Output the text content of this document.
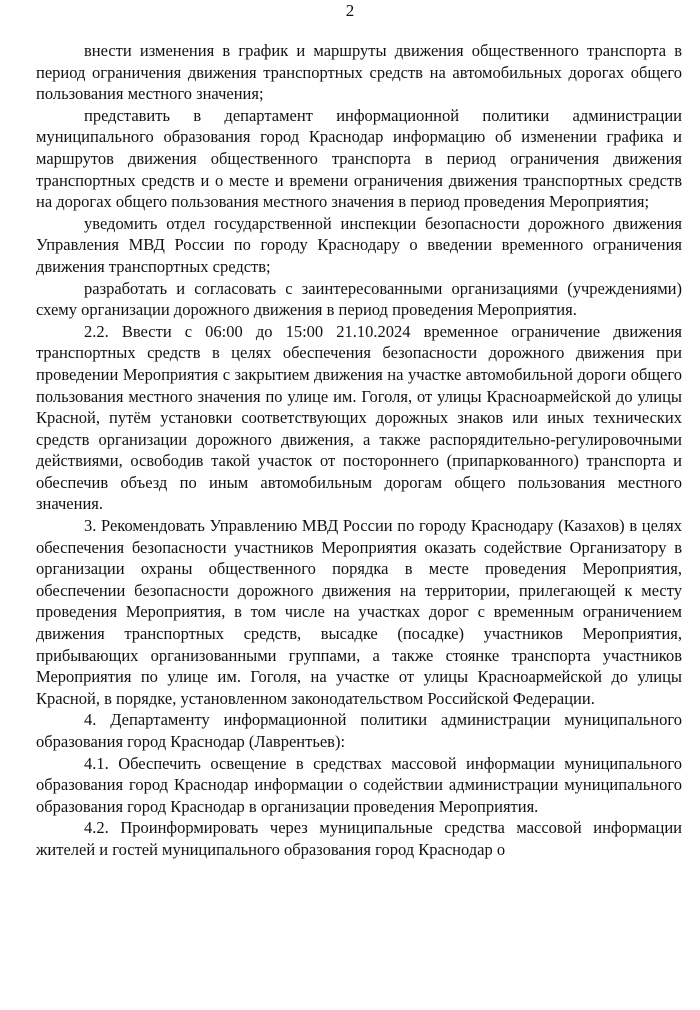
2

внести изменения в график и маршруты движения общественного транспорта в период ограничения движения транспортных средств на автомобильных дорогах общего пользования местного значения;

представить в департамент информационной политики администрации муниципального образования город Краснодар информацию об изменении графика и маршрутов движения общественного транспорта в период ограничения движения транспортных средств и о месте и времени ограничения движения транспортных средств на дорогах общего пользования местного значения в период проведения Мероприятия;

уведомить отдел государственной инспекции безопасности дорожного движения Управления МВД России по городу Краснодару о введении временного ограничения движения транспортных средств;

разработать и согласовать с заинтересованными организациями (учреждениями) схему организации дорожного движения в период проведения Мероприятия.

2.2. Ввести с 06:00 до 15:00 21.10.2024 временное ограничение движения транспортных средств в целях обеспечения безопасности дорожного движения при проведении Мероприятия с закрытием движения на участке автомобильной дороги общего пользования местного значения по улице им. Гоголя, от улицы Красноармейской до улицы Красной, путём установки соответствующих дорожных знаков или иных технических средств организации дорожного движения, а также распорядительно-регулировочными действиями, освободив такой участок от постороннего (припаркованного) транспорта и обеспечив объезд по иным автомобильным дорогам общего пользования местного значения.

3. Рекомендовать Управлению МВД России по городу Краснодару (Казахов) в целях обеспечения безопасности участников Мероприятия оказать содействие Организатору в организации охраны общественного порядка в месте проведения Мероприятия, обеспечении безопасности дорожного движения на территории, прилегающей к месту проведения Мероприятия, в том числе на участках дорог с временным ограничением движения транспортных средств, высадке (посадке) участников Мероприятия, прибывающих организованными группами, а также стоянке транспорта участников Мероприятия по улице им. Гоголя, на участке от улицы Красноармейской до улицы Красной, в порядке, установленном законодательством Российской Федерации.

4. Департаменту информационной политики администрации муниципального образования город Краснодар (Лаврентьев):

4.1. Обеспечить освещение в средствах массовой информации муниципального образования город Краснодар информации о содействии администрации муниципального образования город Краснодар в организации проведения Мероприятия.

4.2. Проинформировать через муниципальные средства массовой информации жителей и гостей муниципального образования город Краснодар о
